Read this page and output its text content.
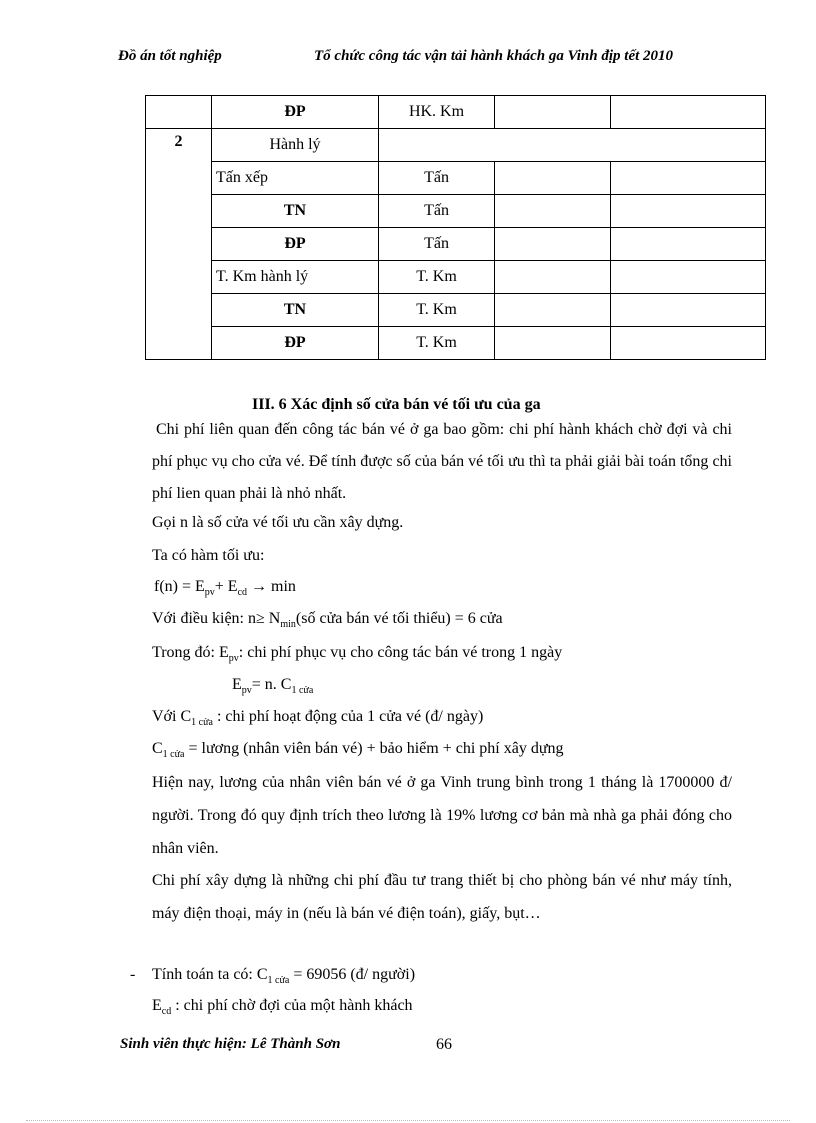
Đồ án tốt nghiệp	Tổ chức công tác vận tải hành khách ga Vinh địp tết 2010
	ĐP	HK. Km		
2	Hành lý			
	Tấn xếp	Tấn		
	TN	Tấn		
	ĐP	Tấn		
	T. Km hành lý	T. Km		
	TN	T. Km		
	ĐP	T. Km		
III. 6 Xác định số cửa bán vé tối ưu của ga
Chi phí liên quan đến công tác bán vé ở ga bao gồm: chi phí hành khách chờ đợi và chi phí phục vụ cho cửa vé. Để tính được số của bán vé tối ưu thì ta phải giải bài toán tổng chi phí lien quan phải là nhỏ nhất.
Gọi n là số cửa vé tối ưu cần xây dựng.
Ta có hàm tối ưu:
$f(n) = E_{pv}+ E_{cd} \to \min$
Với điều kiện: $n\ge N_{min}(số$ cửa bán vé tối thiểu) = 6 cửa
Trong đó: $E_{pv}$: chi phí phục vụ cho công tác bán vé trong 1 ngày
$E_{pv}= n$. $C_{1 cửa}$
Với $C_{1 cửa}$ : chi phí hoạt động của 1 cửa vé (đ/ ngày)
$C_{1 cửa}$ = lương (nhân viên bán vé) + bảo hiểm + chi phí xây dựng
Hiện nay, lương của nhân viên bán vé ở ga Vinh trung bình trong 1 tháng là 1700000 đ/ người. Trong đó quy định trích theo lương là 19% lương cơ bản mà nhà ga phải đóng cho nhân viên.
Chi phí xây dựng là những chi phí đầu tư trang thiết bị cho phòng bán vé như máy tính, máy điện thoại, máy in (nếu là bán vé điện toán), giấy, bụt…
- Tính toán ta có: $C_{1 cửa} = 69056$ (đ/ người)
$E_{cd}$ : chi phí chờ đợi của một hành khách
Sinh viên thực hiện: Lê Thành Sơn	66
